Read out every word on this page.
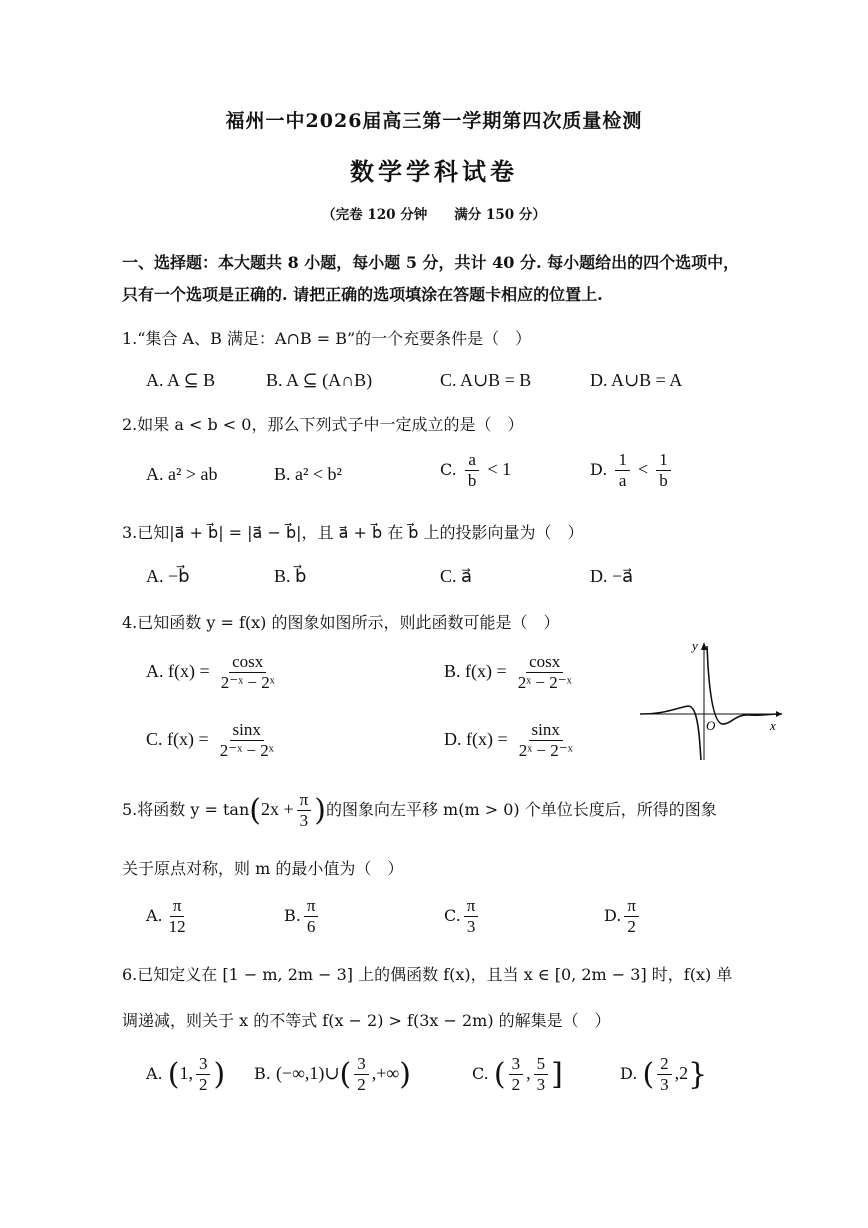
福州一中2026届高三第一学期第四次质量检测
数学学科试卷
（完卷 120 分钟　　满分 150 分）
一、选择题：本大题共 8 小题，每小题 5 分，共计 40 分. 每小题给出的四个选项中，
只有一个选项是正确的. 请把正确的选项填涂在答题卡相应的位置上.
1.“集合 A、B 满足：A∩B = B”的一个充要条件是（　）
A. A ⊆ B	B. A ⊆ (A∩B)	C. A∪B = B	D. A∪B = A
2.如果 a < b < 0，那么下列式子中一定成立的是（　）
A. a² > ab	B. a² < b²	C. $\frac{a}{b} < 1$	D. $\frac{1}{a} < \frac{1}{b}$
3.已知|a⃗ + b⃗| = |a⃗ − b⃗|，且 a⃗ + b⃗ 在 b⃗ 上的投影向量为（　）
A. −b⃗	B. b⃗	C. a⃗	D. −a⃗
4.已知函数 y = f(x) 的图象如图所示，则此函数可能是（　）
A. $f(x) = \frac{\cos x}{\text{2⁻ˣ − 2ˣ}}$	B. $f(x) = \frac{\cos x}{\text{2ˣ − 2⁻ˣ}}$
C. $f(x) = \frac{\sin x}{\text{2⁻ˣ − 2ˣ}}$	D. $f(x) = \frac{\sin x}{\text{2ˣ − 2⁻ˣ}}$
y
x
O
5.将函数 $y = \tan(2x + \frac{\pi}{3}$ )的图象向左平移 m(m > 0) 个单位长度后，所得的图象
关于原点对称，则 m 的最小值为（　）
A. $\frac{\pi}{12}$	B. $\frac{\pi}{6}$	C. $\frac{\pi}{3}$	D. $\frac{\pi}{2}$
6.已知定义在 [1 − m, 2m − 3] 上的偶函数 f(x)，且当 x ∈ [0, 2m − 3] 时，f(x) 单
调递减，则关于 x 的不等式 f(x − 2) > f(3x − 2m) 的解集是（　）
A. (1, $\frac{3}{2}$ ) B. (−∞,1)∪( $\frac{3}{2}$ ,+∞)	C. ( $\frac{3}{2}$ , $\frac{5}{3}$ ]	D. ( $\frac{2}{3} ,2$}
